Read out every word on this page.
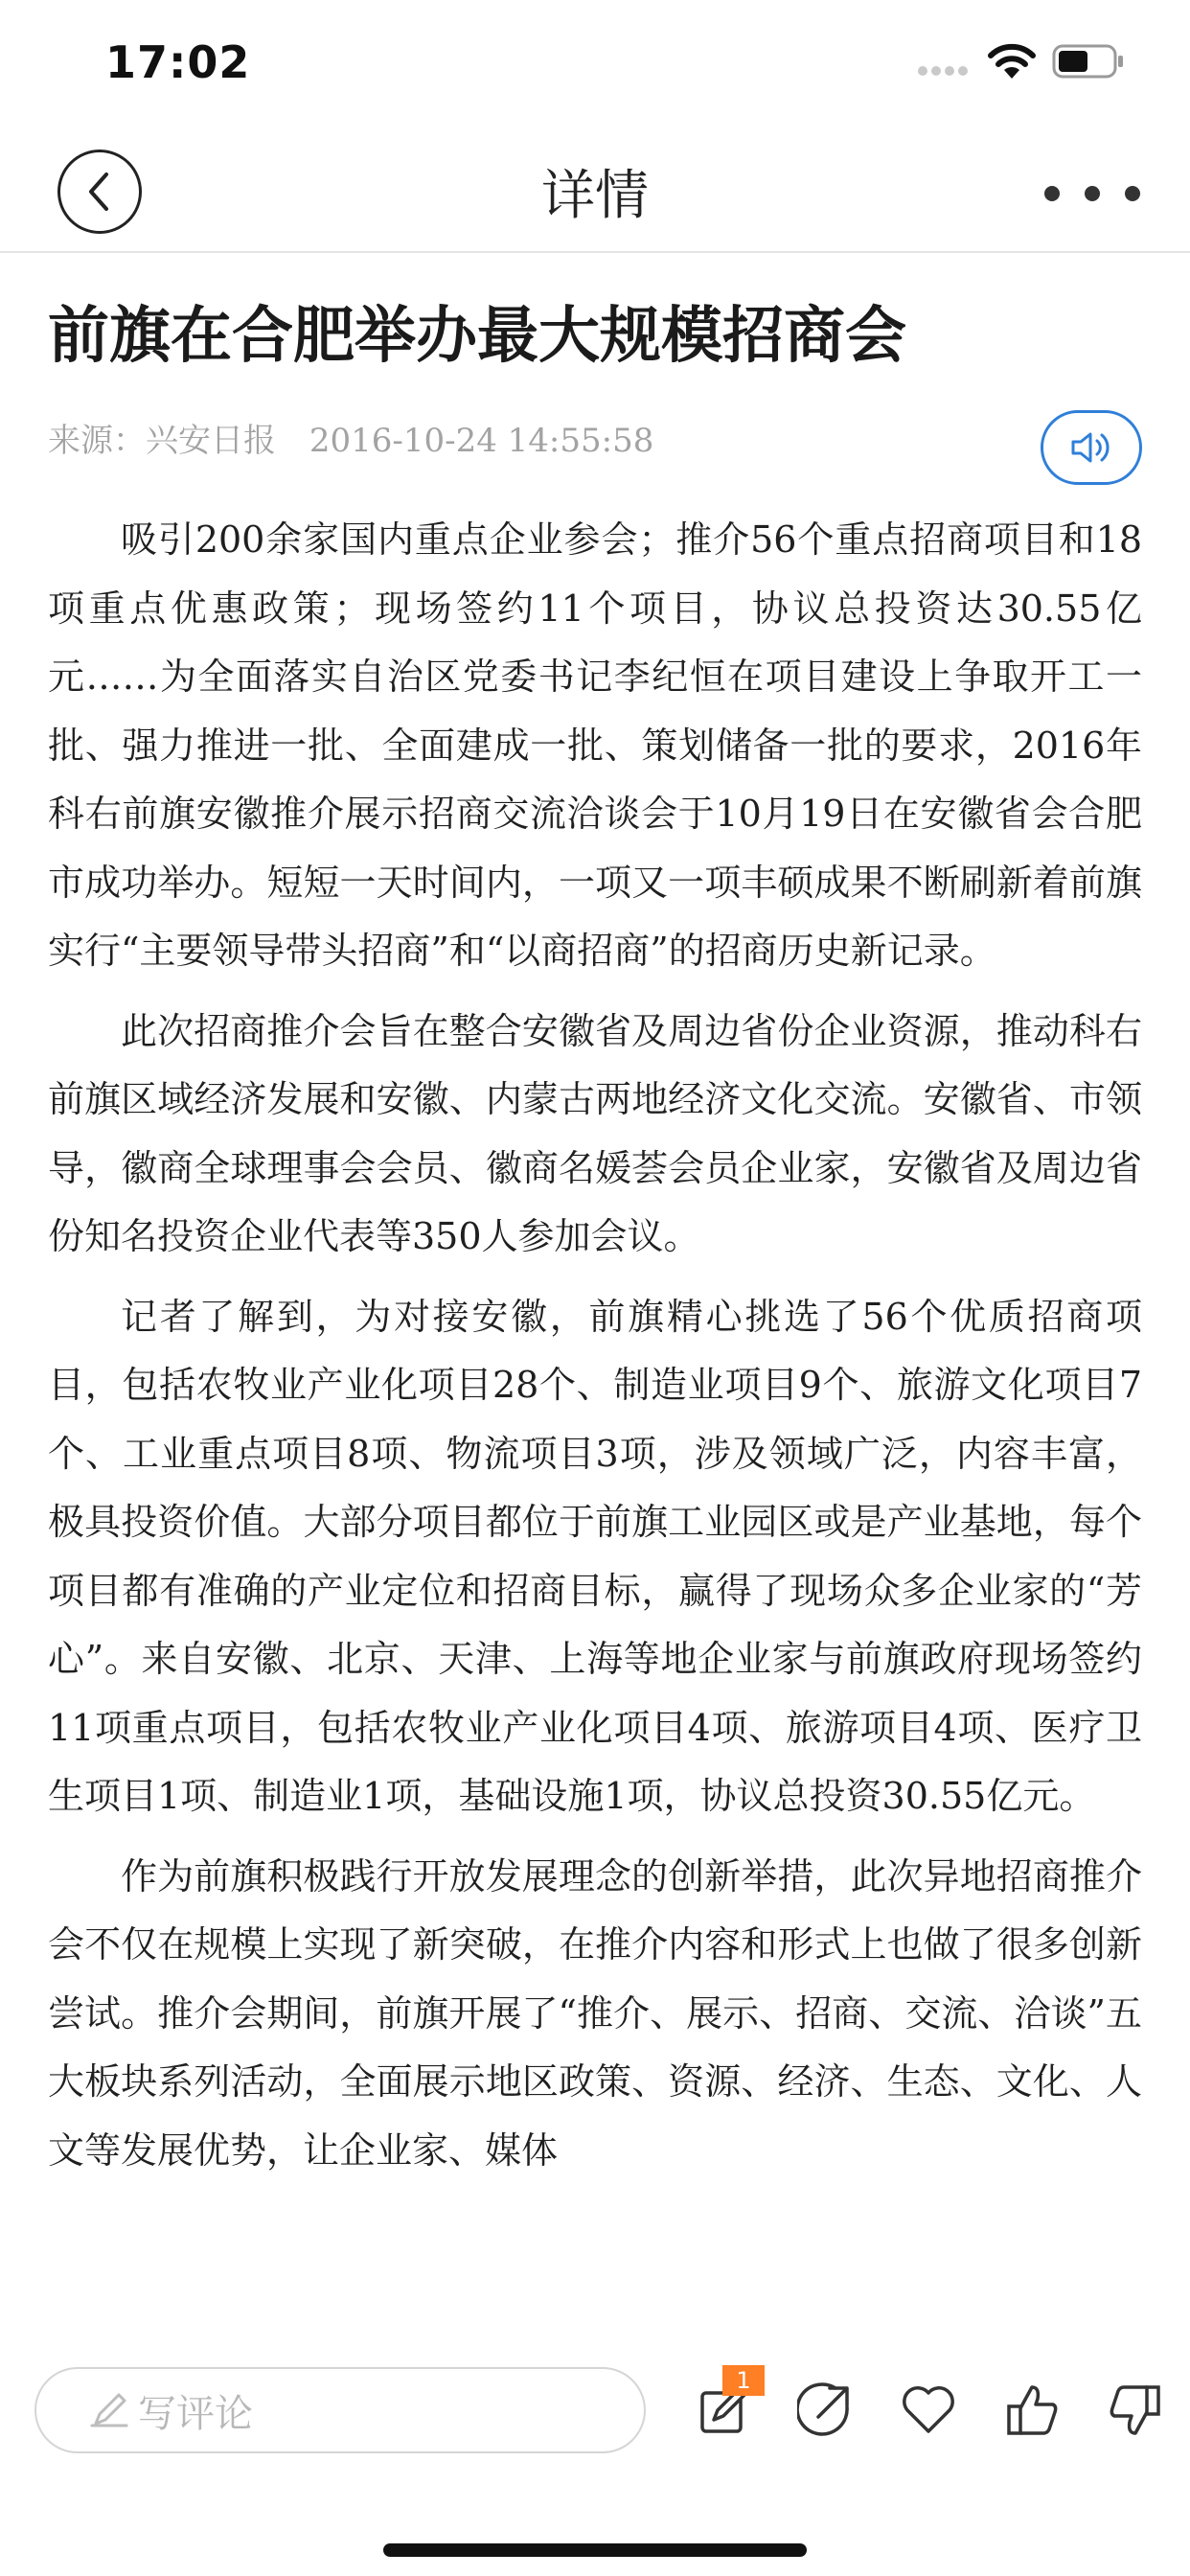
17:02
详情
前旗在合肥举办最大规模招商会
来源：兴安日报 2016-10-24 14:55:58

吸引200余家国内重点企业参会；推介56个重点招商项目和18项重点优惠政策；现场签约11个项目，协议总投资达30.55亿元……为全面落实自治区党委书记李纪恒在项目建设上争取开工一批、强力推进一批、全面建成一批、策划储备一批的要求，2016年科右前旗安徽推介展示招商交流洽谈会于10月19日在安徽省会合肥市成功举办。短短一天时间内，一项又一项丰硕成果不断刷新着前旗实行“主要领导带头招商”和“以商招商”的招商历史新记录。

此次招商推介会旨在整合安徽省及周边省份企业资源，推动科右前旗区域经济发展和安徽、内蒙古两地经济文化交流。安徽省、市领导，徽商全球理事会会员、徽商名媛荟会员企业家，安徽省及周边省份知名投资企业代表等350人参加会议。

记者了解到，为对接安徽，前旗精心挑选了56个优质招商项目，包括农牧业产业化项目28个、制造业项目9个、旅游文化项目7个、工业重点项目8项、物流项目3项，涉及领域广泛，内容丰富，极具投资价值。大部分项目都位于前旗工业园区或是产业基地，每个项目都有准确的产业定位和招商目标，赢得了现场众多企业家的“芳心”。来自安徽、北京、天津、上海等地企业家与前旗政府现场签约11项重点项目，包括农牧业产业化项目4项、旅游项目4项、医疗卫生项目1项、制造业1项，基础设施1项，协议总投资30.55亿元。

作为前旗积极践行开放发展理念的创新举措，此次异地招商推介会不仅在规模上实现了新突破，在推介内容和形式上也做了很多创新尝试。推介会期间，前旗开展了“推介、展示、招商、交流、洽谈”五大板块系列活动，全面展示地区政策、资源、经济、生态、文化、人文等发展优势，让企业家、媒体

写评论
1
